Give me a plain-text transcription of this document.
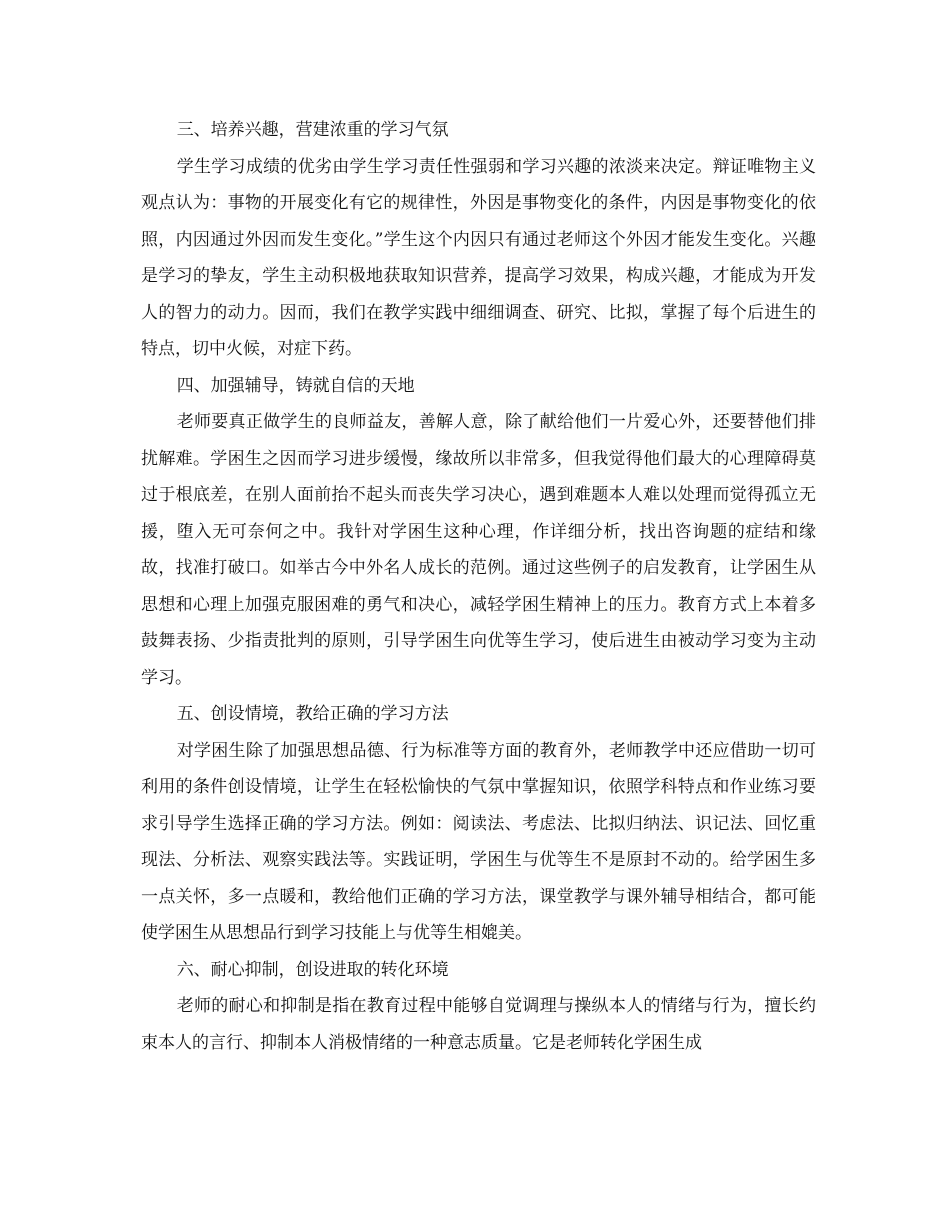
三、培养兴趣，营建浓重的学习气氛

学生学习成绩的优劣由学生学习责任性强弱和学习兴趣的浓淡来决定。辩证唯物主义观点认为：事物的开展变化有它的规律性，外因是事物变化的条件，内因是事物变化的依照，内因通过外因而发生变化。”学生这个内因只有通过老师这个外因才能发生变化。兴趣是学习的挚友，学生主动积极地获取知识营养，提高学习效果，构成兴趣，才能成为开发人的智力的动力。因而，我们在教学实践中细细调查、研究、比拟，掌握了每个后进生的特点，切中火候，对症下药。

四、加强辅导，铸就自信的天地

老师要真正做学生的良师益友，善解人意，除了献给他们一片爱心外，还要替他们排扰解难。学困生之因而学习进步缓慢，缘故所以非常多，但我觉得他们最大的心理障碍莫过于根底差，在别人面前抬不起头而丧失学习决心，遇到难题本人难以处理而觉得孤立无援，堕入无可奈何之中。我针对学困生这种心理，作详细分析，找出咨询题的症结和缘故，找准打破口。如举古今中外名人成长的范例。通过这些例子的启发教育，让学困生从思想和心理上加强克服困难的勇气和决心，减轻学困生精神上的压力。教育方式上本着多鼓舞表扬、少指责批判的原则，引导学困生向优等生学习，使后进生由被动学习变为主动学习。

五、创设情境，教给正确的学习方法

对学困生除了加强思想品德、行为标准等方面的教育外，老师教学中还应借助一切可利用的条件创设情境，让学生在轻松愉快的气氛中掌握知识，依照学科特点和作业练习要求引导学生选择正确的学习方法。例如：阅读法、考虑法、比拟归纳法、识记法、回忆重现法、分析法、观察实践法等。实践证明，学困生与优等生不是原封不动的。给学困生多一点关怀，多一点暖和，教给他们正确的学习方法，课堂教学与课外辅导相结合，都可能使学困生从思想品行到学习技能上与优等生相媲美。

六、耐心抑制，创设进取的转化环境

老师的耐心和抑制是指在教育过程中能够自觉调理与操纵本人的情绪与行为，擅长约束本人的言行、抑制本人消极情绪的一种意志质量。它是老师转化学困生成
